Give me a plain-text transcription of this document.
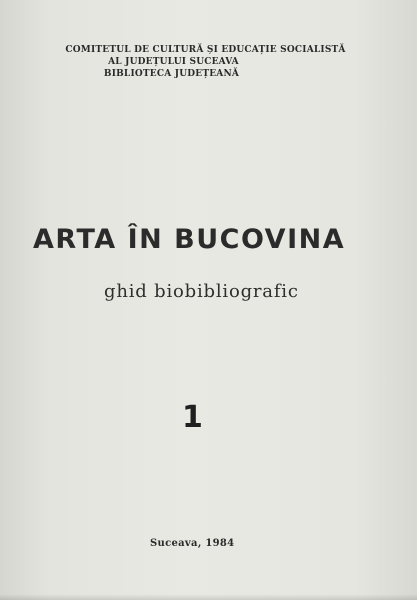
COMITETUL DE CULTURĂ ȘI EDUCAȚIE SOCIALISTĂ
AL JUDEȚULUI SUCEAVA
BIBLIOTECA JUDEȚEANĂ
ARTA ÎN BUCOVINA
ghid biobibliografic
1
Suceava, 1984
